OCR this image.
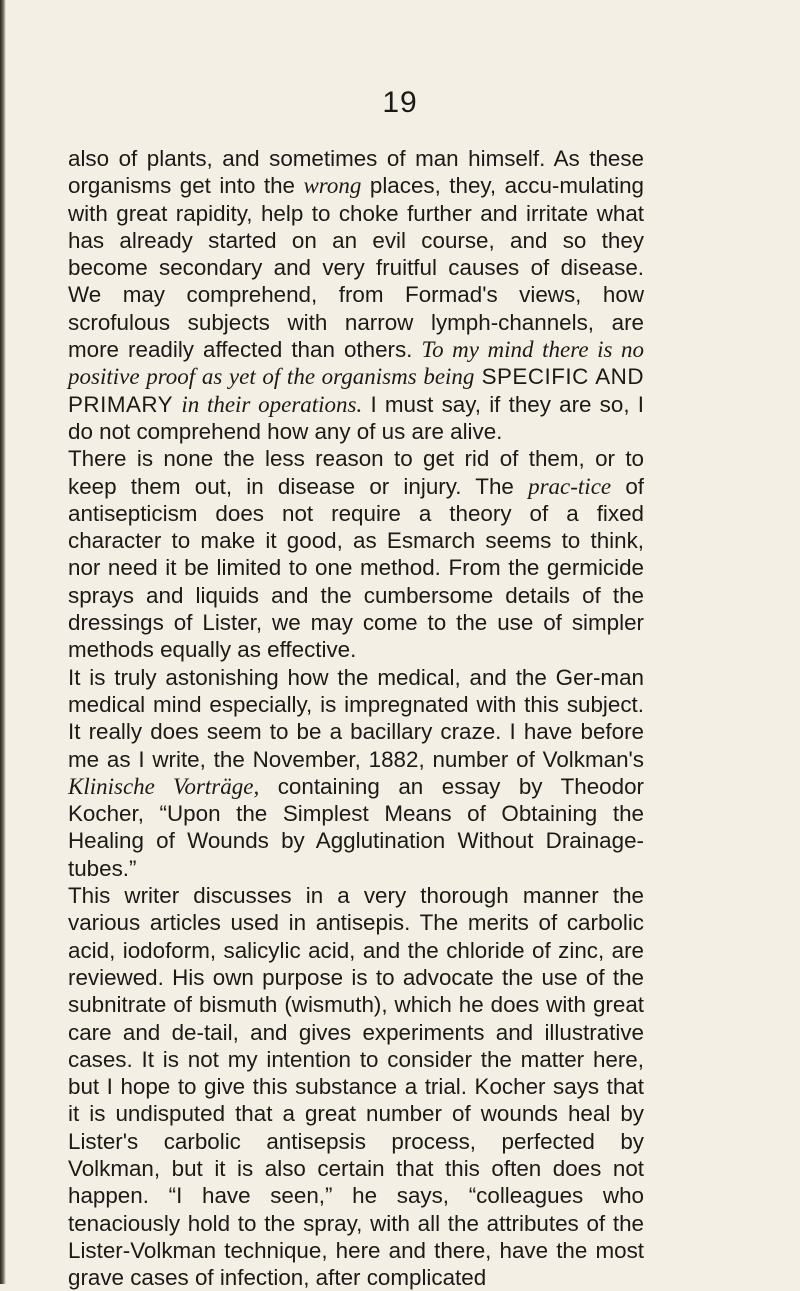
19

also of plants, and sometimes of man himself. As these organisms get into the wrong places, they, accu-mulating with great rapidity, help to choke further and irritate what has already started on an evil course, and so they become secondary and very fruitful causes of disease. We may comprehend, from Formad's views, how scrofulous subjects with narrow lymph-channels, are more readily affected than others. To my mind there is no positive proof as yet of the organisms being SPECIFIC AND PRIMARY in their operations. I must say, if they are so, I do not comprehend how any of us are alive.

There is none the less reason to get rid of them, or to keep them out, in disease or injury. The prac-tice of antisepticism does not require a theory of a fixed character to make it good, as Esmarch seems to think, nor need it be limited to one method. From the germicide sprays and liquids and the cumbersome details of the dressings of Lister, we may come to the use of simpler methods equally as effective.

It is truly astonishing how the medical, and the Ger-man medical mind especially, is impregnated with this subject. It really does seem to be a bacillary craze. I have before me as I write, the November, 1882, number of Volkman's Klinische Vorträge, containing an essay by Theodor Kocher, “Upon the Simplest Means of Obtaining the Healing of Wounds by Agglutination Without Drainage-tubes.”

This writer discusses in a very thorough manner the various articles used in antisepis. The merits of carbolic acid, iodoform, salicylic acid, and the chloride of zinc, are reviewed. His own purpose is to advocate the use of the subnitrate of bismuth (wismuth), which he does with great care and de-tail, and gives experiments and illustrative cases. It is not my intention to consider the matter here, but I hope to give this substance a trial. Kocher says that it is undisputed that a great number of wounds heal by Lister's carbolic antisepsis process, perfected by Volkman, but it is also certain that this often does not happen. “I have seen,” he says, “colleagues who tenaciously hold to the spray, with all the attributes of the Lister-Volkman technique, here and there, have the most grave cases of infection, after complicated
